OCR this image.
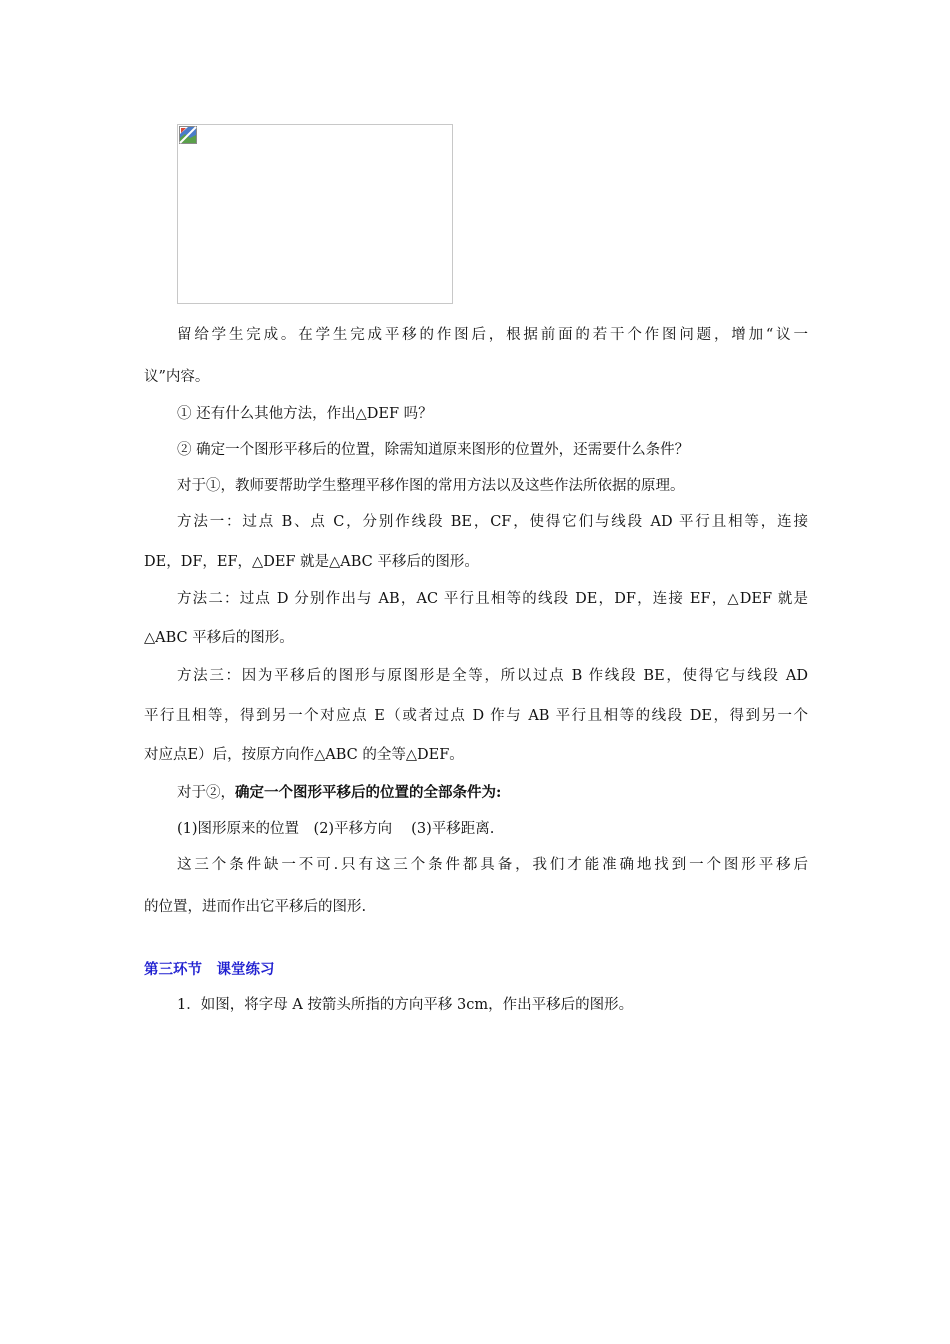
留给学生完成。在学生完成平移的作图后，根据前面的若干个作图问题，增加“议一
议”内容。
① 还有什么其他方法，作出△DEF 吗？
② 确定一个图形平移后的位置，除需知道原来图形的位置外，还需要什么条件？
对于①，教师要帮助学生整理平移作图的常用方法以及这些作法所依据的原理。
方法一：过点 B、点 C，分别作线段 BE，CF，使得它们与线段 AD 平行且相等，连接
DE，DF，EF，△DEF 就是△ABC 平移后的图形。
方法二：过点 D 分别作出与 AB，AC 平行且相等的线段 DE，DF，连接 EF，△DEF 就是
△ABC 平移后的图形。
方法三：因为平移后的图形与原图形是全等，所以过点 B 作线段 BE，使得它与线段 AD
平行且相等，得到另一个对应点 E（或者过点 D 作与 AB 平行且相等的线段 DE，得到另一个
对应点E）后，按原方向作△ABC 的全等△DEF。
对于②，确定一个图形平移后的位置的全部条件为:
(1)图形原来的位置　(2)平移方向　 (3)平移距离.
这三个条件缺一不可.只有这三个条件都具备，我们才能准确地找到一个图形平移后
的位置，进而作出它平移后的图形.
第三环节　课堂练习
1．如图，将字母 A 按箭头所指的方向平移 3cm，作出平移后的图形。
